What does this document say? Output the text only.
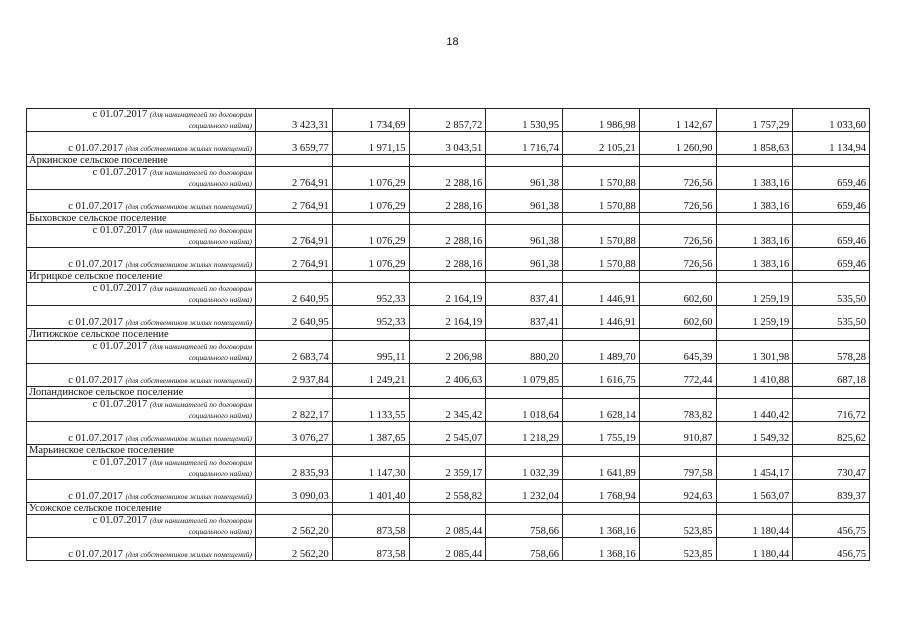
18
с 01.07.2017 (для нанимателей по договорам
социального найма)	3 423,31	1 734,69	2 857,72	1 530,95	1 986,98	1 142,67	1 757,29	1 033,60
с 01.07.2017 (для собственников жилых помещений)	3 659,77	1 971,15	3 043,51	1 716,74	2 105,21	1 260,90	1 858,63	1 134,94
Аркинское сельское поселение								

с 01.07.2017 (для нанимателей по договорам
социального найма)	2 764,91	1 076,29	2 288,16	961,38	1 570,88	726,56	1 383,16	659,46
с 01.07.2017 (для собственников жилых помещений)	2 764,91	1 076,29	2 288,16	961,38	1 570,88	726,56	1 383,16	659,46
Быховское сельское поселение								

с 01.07.2017 (для нанимателей по договорам
социального найма)	2 764,91	1 076,29	2 288,16	961,38	1 570,88	726,56	1 383,16	659,46
с 01.07.2017 (для собственников жилых помещений)	2 764,91	1 076,29	2 288,16	961,38	1 570,88	726,56	1 383,16	659,46
Игрицкое сельское поселение								

с 01.07.2017 (для нанимателей по договорам
социального найма)	2 640,95	952,33	2 164,19	837,41	1 446,91	602,60	1 259,19	535,50
с 01.07.2017 (для собственников жилых помещений)	2 640,95	952,33	2 164,19	837,41	1 446,91	602,60	1 259,19	535,50
Литижское сельское поселение								

с 01.07.2017 (для нанимателей по договорам
социального найма)	2 683,74	995,11	2 206,98	880,20	1 489,70	645,39	1 301,98	578,28
с 01.07.2017 (для собственников жилых помещений)	2 937,84	1 249,21	2 406,63	1 079,85	1 616,75	772,44	1 410,88	687,18
Лопандинское сельское поселение								

с 01.07.2017 (для нанимателей по договорам
социального найма)	2 822,17	1 133,55	2 345,42	1 018,64	1 628,14	783,82	1 440,42	716,72
с 01.07.2017 (для собственников жилых помещений)	3 076,27	1 387,65	2 545,07	1 218,29	1 755,19	910,87	1 549,32	825,62
Марьинское сельское поселение								

с 01.07.2017 (для нанимателей по договорам
социального найма)	2 835,93	1 147,30	2 359,17	1 032,39	1 641,89	797,58	1 454,17	730,47
с 01.07.2017 (для собственников жилых помещений)	3 090,03	1 401,40	2 558,82	1 232,04	1 768,94	924,63	1 563,07	839,37
Усожское сельское поселение								

с 01.07.2017 (для нанимателей по договорам
социального найма)	2 562,20	873,58	2 085,44	758,66	1 368,16	523,85	1 180,44	456,75
с 01.07.2017 (для собственников жилых помещений)	2 562,20	873,58	2 085,44	758,66	1 368,16	523,85	1 180,44	456,75
